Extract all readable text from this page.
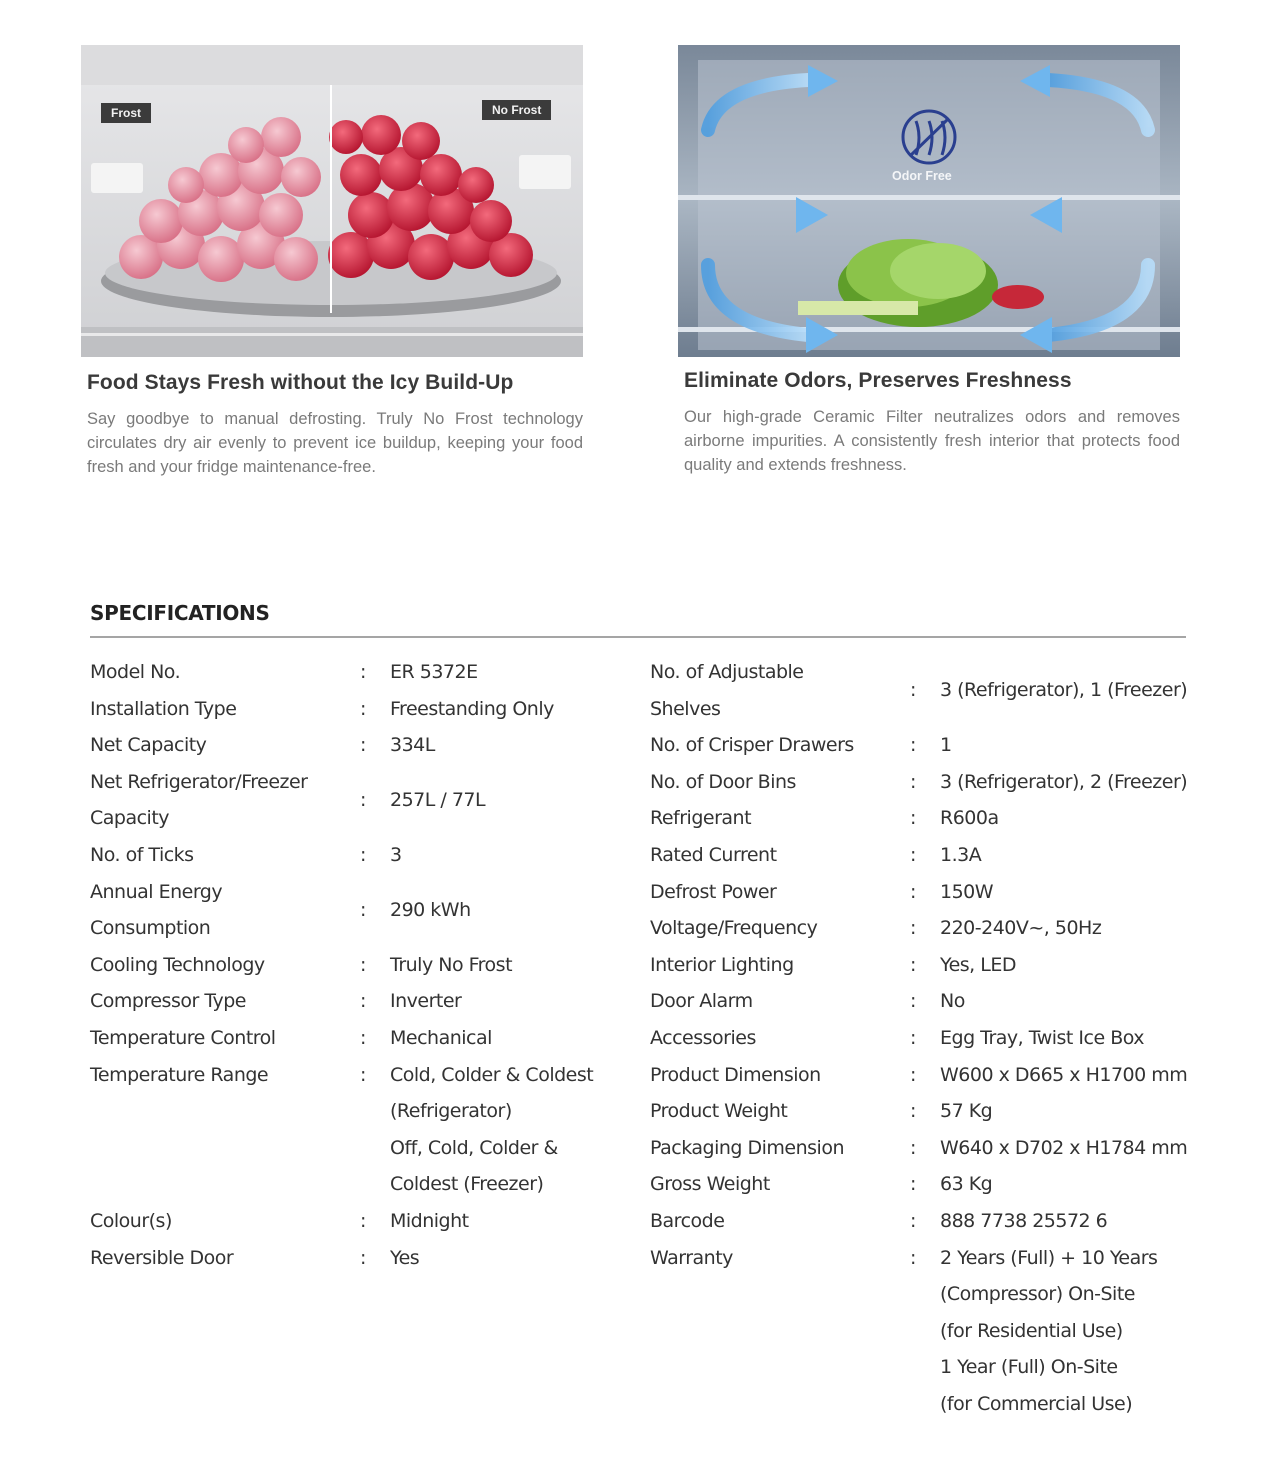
Frost	No Frost
Food Stays Fresh without the Icy Build-Up
Say goodbye to manual defrosting. Truly No Frost technology circulates dry air evenly to prevent ice buildup, keeping your food fresh and your fridge maintenance-free.
Odor Free
Eliminate Odors, Preserves Freshness
Our high-grade Ceramic Filter neutralizes odors and removes airborne impurities. A consistently fresh interior that protects food quality and extends freshness.
SPECIFICATIONS
Model No.	:	ER 5372E
Installation Type	:	Freestanding Only
Net Capacity	:	334L
Net Refrigerator/Freezer
Capacity
:	257L / 77L
No. of Ticks	:	3
Annual Energy
Consumption
:	290 kWh
Cooling Technology	:	Truly No Frost
Compressor Type	:	Inverter
Temperature Control	:	Mechanical
Temperature Range	:	Cold, Colder & Coldest
(Refrigerator)
Off, Cold, Colder &
Coldest (Freezer)
Colour(s)	:	Midnight
Reversible Door	:	Yes
No. of Adjustable
Shelves
:	3 (Refrigerator), 1 (Freezer)
No. of Crisper Drawers	:	1
No. of Door Bins	:	3 (Refrigerator), 2 (Freezer)
Refrigerant	:	R600a
Rated Current	:	1.3A
Defrost Power	:	150W
Voltage/Frequency	:	220-240V~, 50Hz
Interior Lighting	:	Yes, LED
Door Alarm	:	No
Accessories	:	Egg Tray, Twist Ice Box
Product Dimension	:	W600 x D665 x H1700 mm
Product Weight	:	57 Kg
Packaging Dimension	:	W640 x D702 x H1784 mm
Gross Weight	:	63 Kg
Barcode	:	888 7738 25572 6
Warranty	:	2 Years (Full) + 10 Years
(Compressor) On-Site
(for Residential Use)
1 Year (Full) On-Site
(for Commercial Use)
